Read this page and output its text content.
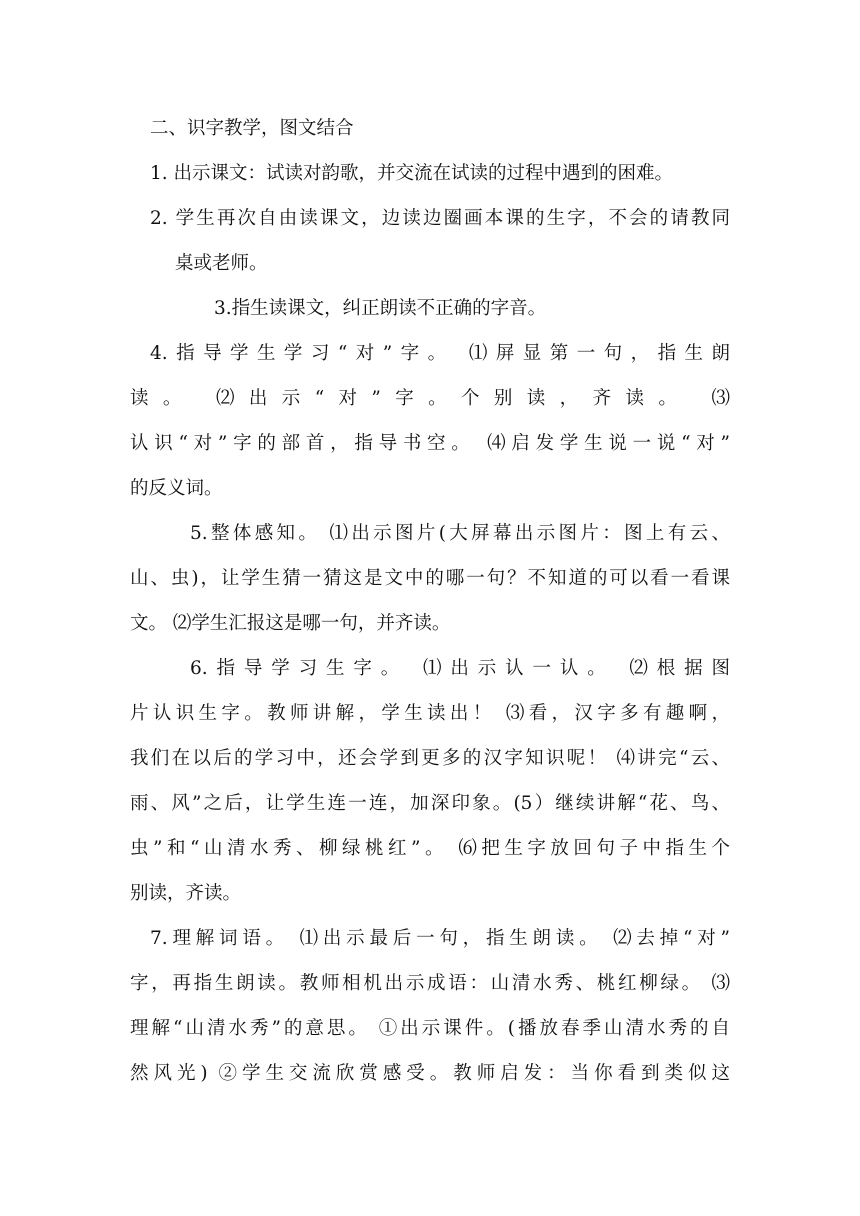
二、识字教学，图文结合
1. 出示课文：试读对韵歌，并交流在试读的过程中遇到的困难。
2. 学生再次自由读课文，边读边圈画本课的生字，不会的请教同
桌或老师。
3.指生读课文，纠正朗读不正确的字音。
4.指导学生学习“对”字。 ⑴屏显第一句，指生朗
读。 ⑵出示“对”字。个别读，齐读。 ⑶
认识“对”字的部首，指导书空。 ⑷启发学生说一说“对”
的反义词。
5.整体感知。 ⑴出示图片(大屏幕出示图片：图上有云、
山、虫)，让学生猜一猜这是文中的哪一句？不知道的可以看一看课
文。 ⑵学生汇报这是哪一句，并齐读。
6.指导学习生字。 ⑴出示认一认。 ⑵根据图
片认识生字。教师讲解，学生读出！ ⑶看，汉字多有趣啊，
我们在以后的学习中，还会学到更多的汉字知识呢！ ⑷讲完“云、
雨、风”之后，让学生连一连，加深印象。(5）继续讲解“花、鸟、
虫”和“山清水秀、柳绿桃红”。 ⑹把生字放回句子中指生个
别读，齐读。
7.理解词语。 ⑴出示最后一句，指生朗读。 ⑵去掉“对”
字，再指生朗读。教师相机出示成语：山清水秀、桃红柳绿。 ⑶
理解“山清水秀”的意思。 ①出示课件。(播放春季山清水秀的自
然风光) ②学生交流欣赏感受。教师启发：当你看到类似这
